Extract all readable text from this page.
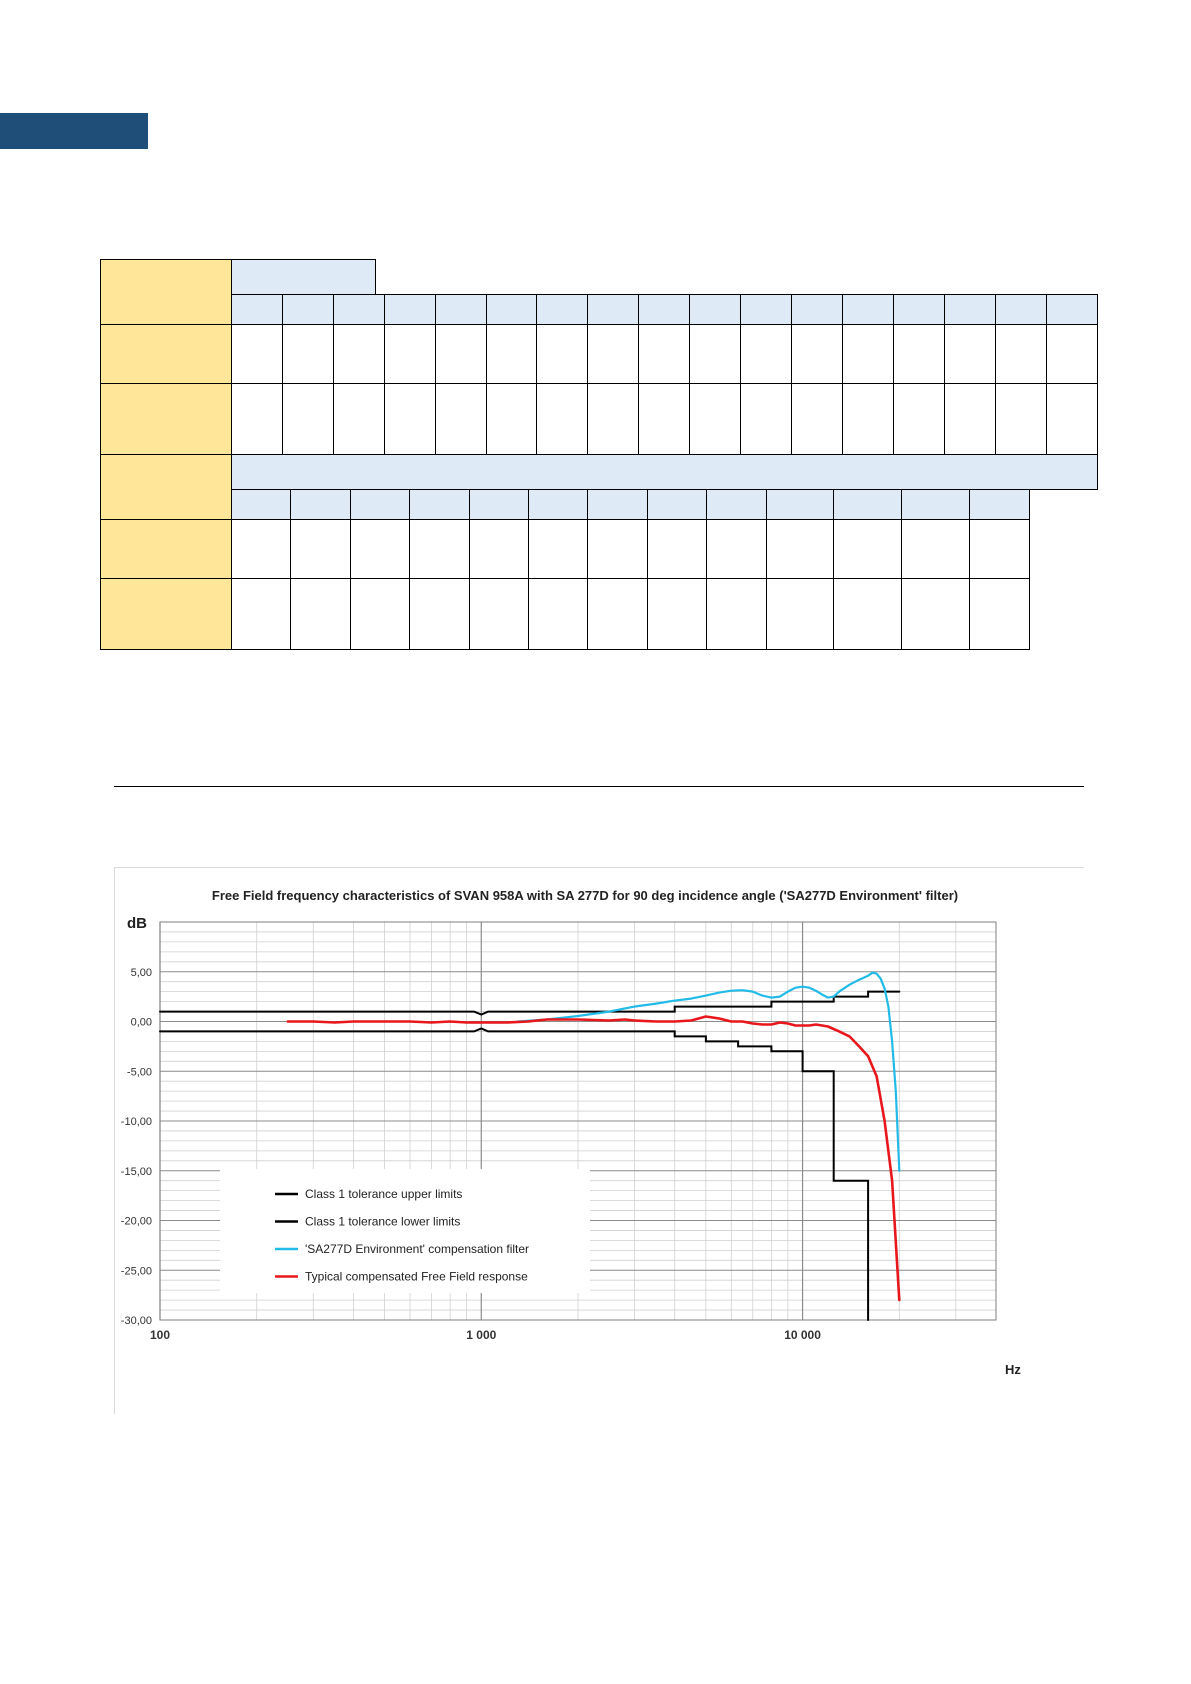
Free Field frequency characteristics of SVAN 958A with SA 277D for 90 deg incidence angle ('SA277D Environment' filter)
dB
Hz
5,00
0,00
-5,00
-10,00
-15,00
-20,00
-25,00
-30,00
100	1 000	10 000
Class 1 tolerance upper limits
Class 1 tolerance lower limits
'SA277D Environment' compensation filter
Typical compensated Free Field response
